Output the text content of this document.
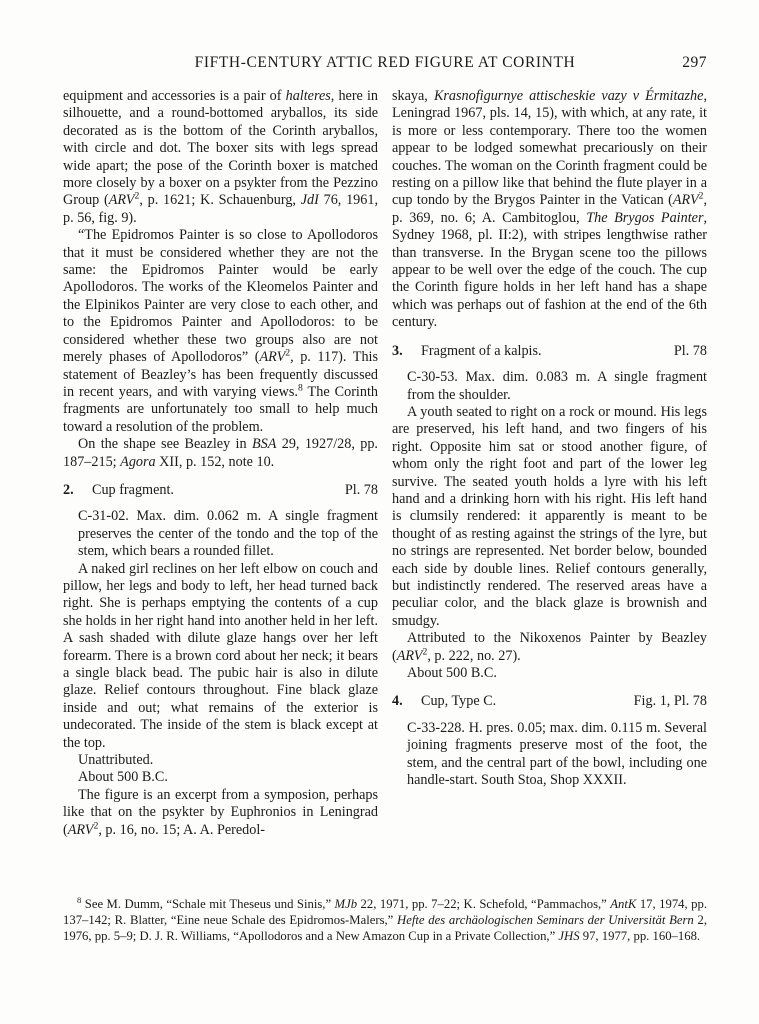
FIFTH-CENTURY ATTIC RED FIGURE AT CORINTH	297

equipment and accessories is a pair of halteres, here in silhouette, and a round-bottomed aryballos, its side decorated as is the bottom of the Corinth aryballos, with circle and dot. The boxer sits with legs spread wide apart; the pose of the Corinth boxer is matched more closely by a boxer on a psykter from the Pezzino Group (ARV$^2$, p. 1621; K. Schauenburg, JdI 76, 1961, p. 56, fig. 9).

“The Epidromos Painter is so close to Apollodoros that it must be considered whether they are not the same: the Epidromos Painter would be early Apollodoros. The works of the Kleomelos Painter and the Elpinikos Painter are very close to each other, and to the Epidromos Painter and Apollodoros: to be considered whether these two groups also are not merely phases of Apollodoros” (ARV$^2$, p. 117). This statement of Beazley’s has been frequently discussed in recent years, and with varying views.$^8$ The Corinth fragments are unfortunately too small to help much toward a resolution of the problem.

On the shape see Beazley in BSA 29, 1927/28, pp. 187–215; Agora XII, p. 152, note 10.

2.	Cup fragment.	Pl. 78

C-31-02. Max. dim. 0.062 m. A single fragment preserves the center of the tondo and the top of the stem, which bears a rounded fillet.

A naked girl reclines on her left elbow on couch and pillow, her legs and body to left, her head turned back right. She is perhaps emptying the contents of a cup she holds in her right hand into another held in her left. A sash shaded with dilute glaze hangs over her left forearm. There is a brown cord about her neck; it bears a single black bead. The pubic hair is also in dilute glaze. Relief contours throughout. Fine black glaze inside and out; what remains of the exterior is undecorated. The inside of the stem is black except at the top.

Unattributed.

About 500 B.C.

The figure is an excerpt from a symposion, perhaps like that on the psykter by Euphronios in Leningrad (ARV$^2$, p. 16, no. 15; A. A. Peredol-

skaya, Krasnofigurnye attischeskie vazy v Érmitazhe, Leningrad 1967, pls. 14, 15), with which, at any rate, it is more or less contemporary. There too the women appear to be lodged somewhat precariously on their couches. The woman on the Corinth fragment could be resting on a pillow like that behind the flute player in a cup tondo by the Brygos Painter in the Vatican (ARV$^2$, p. 369, no. 6; A. Cambitoglou, The Brygos Painter, Sydney 1968, pl. II:2), with stripes lengthwise rather than transverse. In the Brygan scene too the pillows appear to be well over the edge of the couch. The cup the Corinth figure holds in her left hand has a shape which was perhaps out of fashion at the end of the 6th century.

3.	Fragment of a kalpis.	Pl. 78

C-30-53. Max. dim. 0.083 m. A single fragment from the shoulder.

A youth seated to right on a rock or mound. His legs are preserved, his left hand, and two fingers of his right. Opposite him sat or stood another figure, of whom only the right foot and part of the lower leg survive. The seated youth holds a lyre with his left hand and a drinking horn with his right. His left hand is clumsily rendered: it apparently is meant to be thought of as resting against the strings of the lyre, but no strings are represented. Net border below, bounded each side by double lines. Relief contours generally, but indistinctly rendered. The reserved areas have a peculiar color, and the black glaze is brownish and smudgy.

Attributed to the Nikoxenos Painter by Beazley (ARV$^2$, p. 222, no. 27).

About 500 B.C.

4.	Cup, Type C.	Fig. 1, Pl. 78

C-33-228. H. pres. 0.05; max. dim. 0.115 m. Several joining fragments preserve most of the foot, the stem, and the central part of the bowl, including one handle-start. South Stoa, Shop XXXII.

$^8$ See M. Dumm, “Schale mit Theseus und Sinis,” MJb 22, 1971, pp. 7–22; K. Schefold, “Pammachos,” AntK 17, 1974, pp. 137–142; R. Blatter, “Eine neue Schale des Epidromos-Malers,” Hefte des archäologischen Seminars der Universität Bern 2, 1976, pp. 5–9; D. J. R. Williams, “Apollodoros and a New Amazon Cup in a Private Collection,” JHS 97, 1977, pp. 160–168.
